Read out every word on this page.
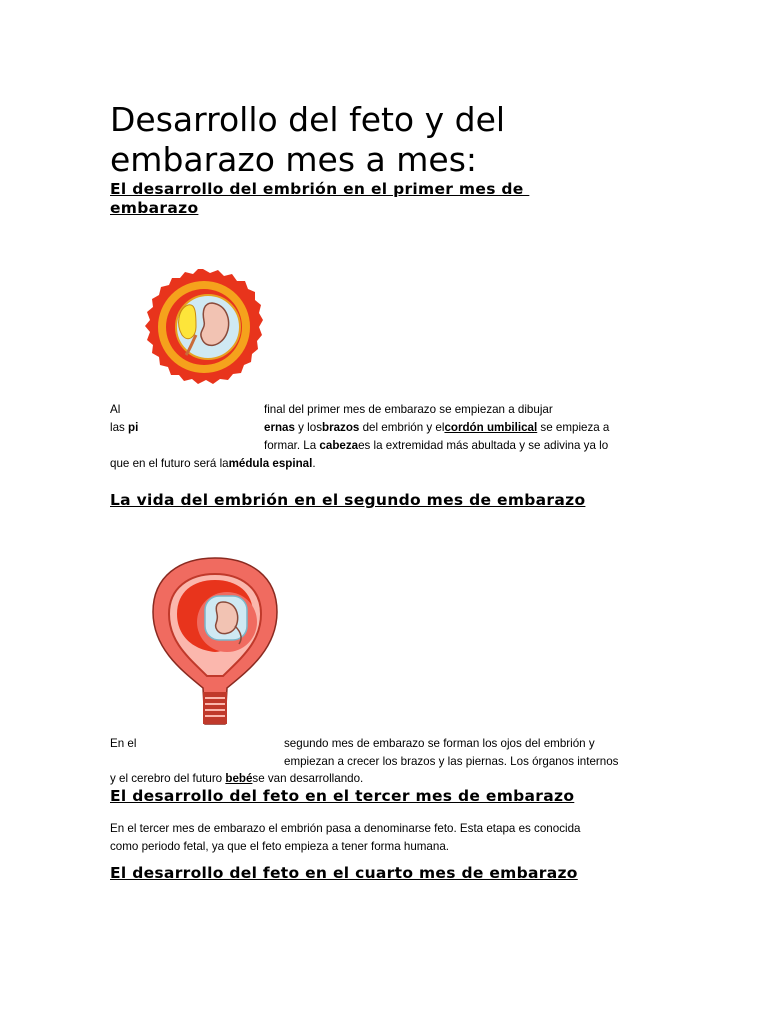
Desarrollo del feto y del embarazo mes a mes:
El desarrollo del embrión en el primer mes de
embarazo
Al	final del primer mes de embarazo se empiezan a dibujar
las pi	ernas y losbrazos del embrión y elcordón umbilical se empieza a
formar. La cabezaes la extremidad más abultada y se adivina ya lo
que en el futuro será lamédula espinal.
La vida del embrión en el segundo mes de embarazo
En el	segundo mes de embarazo se forman los ojos del embrión y
empiezan a crecer los brazos y las piernas. Los órganos internos
y el cerebro del futuro bebése van desarrollando.
El desarrollo del feto en el tercer mes de embarazo
En el tercer mes de embarazo el embrión pasa a denominarse feto. Esta etapa es conocida
como periodo fetal, ya que el feto empieza a tener forma humana.
El desarrollo del feto en el cuarto mes de embarazo
